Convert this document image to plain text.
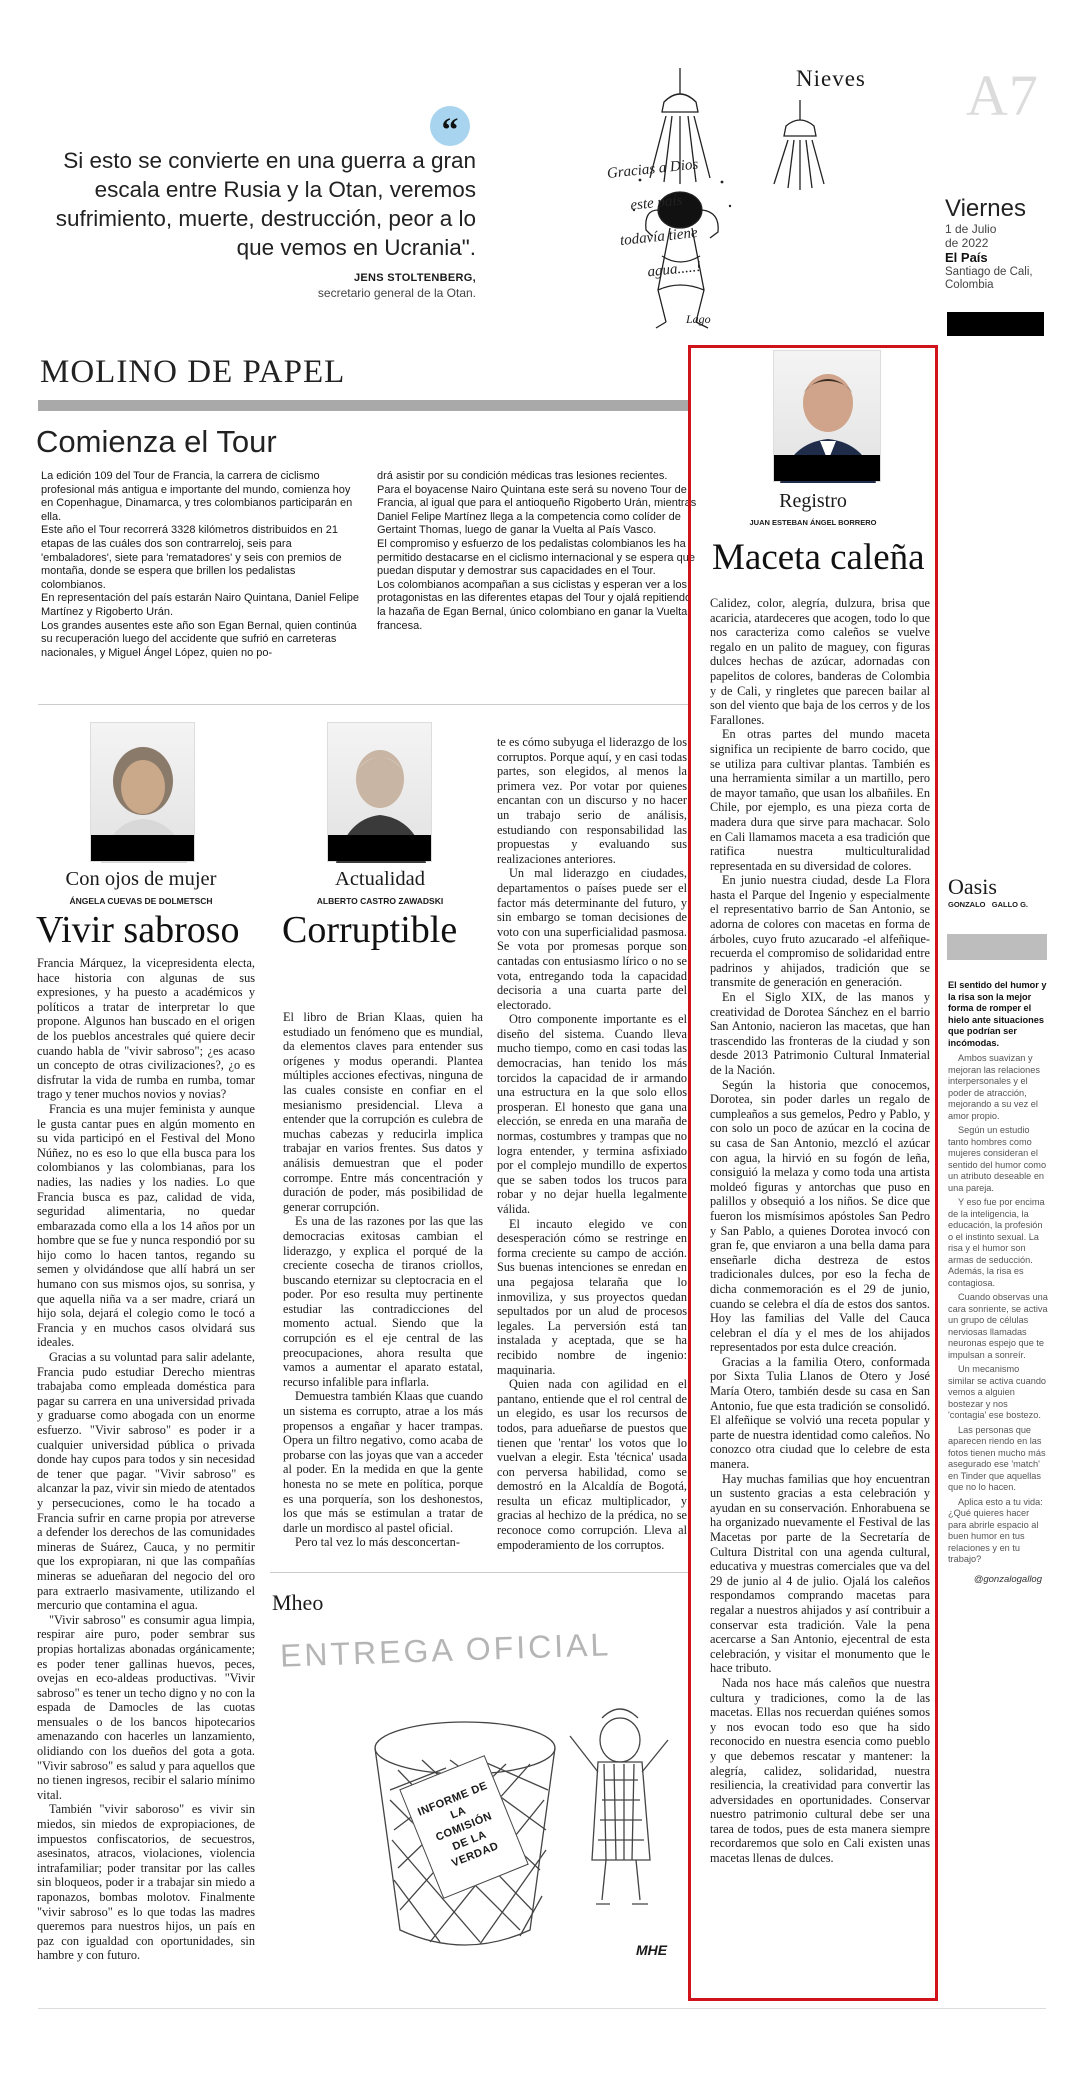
“

Si esto se convierte en una guerra a gran escala entre Rusia y la Otan, veremos sufrimiento, muerte, destrucción, peor a lo que vemos en Ucrania".

JENS STOLTENBERG,

secretario general de la Otan.

Nieves
Gracias a Dios
este país
todavía tiene
agua.....!
Lago
A7
Viernes
1 de Julio
de 2022
El País
Santiago de Cali,
Colombia
MOLINO DE PAPEL
Comienza el Tour

La edición 109 del Tour de Francia, la carrera de ciclismo profesional más antigua e importante del mundo, comienza hoy en Copenhague, Dinamarca, y tres colombianos participarán en ella.

Este año el Tour recorrerá 3328 kilómetros distribuidos en 21 etapas de las cuáles dos son contrarreloj, seis para 'embaladores', siete para 'rematadores' y seis con premios de montaña, donde se espera que brillen los pedalistas colombianos.

En representación del país estarán Nairo Quintana, Daniel Felipe Martínez y Rigoberto Urán.

Los grandes ausentes este año son Egan Bernal, quien continúa su recuperación luego del accidente que sufrió en carreteras nacionales, y Miguel Ángel López, quien no po-

drá asistir por su condición médicas tras lesiones recientes.

Para el boyacense Nairo Quintana este será su noveno Tour de Francia, al igual que para el antioqueño Rigoberto Urán, mientras Daniel Felipe Martínez llega a la competencia como colíder de Gertaint Thomas, luego de ganar la Vuelta al País Vasco.

El compromiso y esfuerzo de los pedalistas colombianos les ha permitido destacarse en el ciclismo internacional y se espera que puedan disputar y demostrar sus capacidades en el Tour.

Los colombianos acompañan a sus ciclistas y esperan ver a los protagonistas en las diferentes etapas del Tour y ojalá repitiendo la hazaña de Egan Bernal, único colombiano en ganar la Vuelta francesa.

Con ojos de mujer
ÁNGELA CUEVAS DE DOLMETSCH
Vivir sabroso

Francia Márquez, la vicepresidenta electa, hace historia con algunas de sus expresiones, y ha puesto a académicos y políticos a tratar de interpretar lo que propone. Algunos han buscado en el origen de los pueblos ancestrales qué quiere decir cuando habla de "vivir sabroso"; ¿es acaso un concepto de otras civilizaciones?, ¿o es disfrutar la vida de rumba en rumba, tomar trago y tener muchos novios y novias?

Francia es una mujer feminista y aunque le gusta cantar pues en algún momento en su vida participó en el Festival del Mono Núñez, no es eso lo que ella busca para los colombianos y las colombianas, para los nadies, las nadies y los nadies. Lo que Francia busca es paz, calidad de vida, seguridad alimentaria, no quedar embarazada como ella a los 14 años por un hombre que se fue y nunca respondió por su hijo como lo hacen tantos, regando su semen y olvidándose que allí habrá un ser humano con sus mismos ojos, su sonrisa, y que aquella niña va a ser madre, criará un hijo sola, dejará el colegio como le tocó a Francia y en muchos casos olvidará sus ideales.

Gracias a su voluntad para salir adelante, Francia pudo estudiar Derecho mientras trabajaba como empleada doméstica para pagar su carrera en una universidad privada y graduarse como abogada con un enorme esfuerzo. "Vivir sabroso" es poder ir a cualquier universidad pública o privada donde hay cupos para todos y sin necesidad de tener que pagar. "Vivir sabroso" es alcanzar la paz, vivir sin miedo de atentados y persecuciones, como le ha tocado a Francia sufrir en carne propia por atreverse a defender los derechos de las comunidades mineras de Suárez, Cauca, y no permitir que los expropiaran, ni que las compañías mineras se adueñaran del negocio del oro para extraerlo masivamente, utilizando el mercurio que contamina el agua.

"Vivir sabroso" es consumir agua limpia, respirar aire puro, poder sembrar sus propias hortalizas abonadas orgánicamente; es poder tener gallinas huevos, peces, ovejas en eco-aldeas productivas. "Vivir sabroso" es tener un techo digno y no con la espada de Damocles de las cuotas mensuales o de los bancos hipotecarios amenazando con hacerles un lanzamiento, olidiando con los dueños del gota a gota. "Vivir sabroso" es salud y para aquellos que no tienen ingresos, recibir el salario mínimo vital.

También "vivir saboroso" es vivir sin miedos, sin miedos de expropiaciones, de impuestos confiscatorios, de secuestros, asesinatos, atracos, violaciones, violencia intrafamiliar; poder transitar por las calles sin bloqueos, poder ir a trabajar sin miedo a raponazos, bombas molotov. Finalmente "vivir sabroso" es lo que todas las madres queremos para nuestros hijos, un país en paz con igualdad con oportunidades, sin hambre y con futuro.

Actualidad
ALBERTO CASTRO ZAWADSKI
Corruptible

El libro de Brian Klaas, quien ha estudiado un fenómeno que es mundial, da elementos claves para entender sus orígenes y modus operandi. Plantea múltiples acciones efectivas, ninguna de las cuales consiste en confiar en el mesianismo presidencial. Lleva a entender que la corrupción es culebra de muchas cabezas y reducirla implica trabajar en varios frentes. Sus datos y análisis demuestran que el poder corrompe. Entre más concentración y duración de poder, más posibilidad de generar corrupción.

Es una de las razones por las que las democracias exitosas cambian el liderazgo, y explica el porqué de la creciente cosecha de tiranos criollos, buscando eternizar su cleptocracia en el poder. Por eso resulta muy pertinente estudiar las contradicciones del momento actual. Siendo que la corrupción es el eje central de las preocupaciones, ahora resulta que vamos a aumentar el aparato estatal, recurso infalible para inflarla.

Demuestra también Klaas que cuando un sistema es corrupto, atrae a los más propensos a engañar y hacer trampas. Opera un filtro negativo, como acaba de probarse con las joyas que van a acceder al poder. En la medida en que la gente honesta no se mete en política, porque es una porquería, son los deshonestos, los que más se estimulan a tratar de darle un mordisco al pastel oficial.

Pero tal vez lo más desconcertan-

te es cómo subyuga el liderazgo de los corruptos. Porque aquí, y en casi todas partes, son elegidos, al menos la primera vez. Por votar por quienes encantan con un discurso y no hacer un trabajo serio de análisis, estudiando con responsabilidad las propuestas y evaluando sus realizaciones anteriores.

Un mal liderazgo en ciudades, departamentos o países puede ser el factor más determinante del futuro, y sin embargo se toman decisiones de voto con una superficialidad pasmosa. Se vota por promesas porque son cantadas con entusiasmo lírico o no se vota, entregando toda la capacidad decisoria a una cuarta parte del electorado.

Otro componente importante es el diseño del sistema. Cuando lleva mucho tiempo, como en casi todas las democracias, han tenido los más torcidos la capacidad de ir armando una estructura en la que solo ellos prosperan. El honesto que gana una elección, se enreda en una maraña de normas, costumbres y trampas que no logra entender, y termina asfixiado por el complejo mundillo de expertos que se saben todos los trucos para robar y no dejar huella legalmente válida.

El incauto elegido ve con desesperación cómo se restringe en forma creciente su campo de acción. Sus buenas intenciones se enredan en una pegajosa telaraña que lo inmoviliza, y sus proyectos quedan sepultados por un alud de procesos legales. La perversión está tan instalada y aceptada, que se ha recibido nombre de ingenio: maquinaria.

Quien nada con agilidad en el pantano, entiende que el rol central de un elegido, es usar los recursos de todos, para adueñarse de puestos que tienen que 'rentar' los votos que lo vuelvan a elegir. Esta 'técnica' usada con perversa habilidad, como se demostró en la Alcaldía de Bogotá, resulta un eficaz multiplicador, y gracias al hechizo de la prédica, no se reconoce como corrupción. Lleva al empoderamiento de los corruptos.

Mheo
ENTREGA OFICIAL
INFORME DE LA COMISIÓN DE LA VERDAD
MHE
Registro
JUAN ESTEBAN ÁNGEL BORRERO
Maceta caleña

Calidez, color, alegría, dulzura, brisa que acaricia, atardeceres que acogen, todo lo que nos caracteriza como caleños se vuelve regalo en un palito de maguey, con figuras dulces hechas de azúcar, adornadas con papelitos de colores, banderas de Colombia y de Cali, y ringletes que parecen bailar al son del viento que baja de los cerros y de los Farallones.

En otras partes del mundo maceta significa un recipiente de barro cocido, que se utiliza para cultivar plantas. También es una herramienta similar a un martillo, pero de mayor tamaño, que usan los albañiles. En Chile, por ejemplo, es una pieza corta de madera dura que sirve para machacar. Solo en Cali llamamos maceta a esa tradición que ratifica nuestra multiculturalidad representada en su diversidad de colores.

En junio nuestra ciudad, desde La Flora hasta el Parque del Ingenio y especialmente el representativo barrio de San Antonio, se adorna de colores con macetas en forma de árboles, cuyo fruto azucarado -el alfeñique- recuerda el compromiso de solidaridad entre padrinos y ahijados, tradición que se transmite de generación en generación.

En el Siglo XIX, de las manos y creatividad de Dorotea Sánchez en el barrio San Antonio, nacieron las macetas, que han trascendido las fronteras de la ciudad y son desde 2013 Patrimonio Cultural Inmaterial de la Nación.

Según la historia que conocemos, Dorotea, sin poder darles un regalo de cumpleaños a sus gemelos, Pedro y Pablo, y con solo un poco de azúcar en la cocina de su casa de San Antonio, mezcló el azúcar con agua, la hirvió en su fogón de leña, consiguió la melaza y como toda una artista moldeó figuras y antorchas que puso en palillos y obsequió a los niños. Se dice que fueron los mismísimos apóstoles San Pedro y San Pablo, a quienes Dorotea invocó con gran fe, que enviaron a una bella dama para enseñarle dicha destreza de estos tradicionales dulces, por eso la fecha de dicha conmemoración es el 29 de junio, cuando se celebra el día de estos dos santos. Hoy las familias del Valle del Cauca celebran el día y el mes de los ahijados representados por esta dulce creación.

Gracias a la familia Otero, conformada por Sixta Tulia Llanos de Otero y José María Otero, también desde su casa en San Antonio, fue que esta tradición se consolidó. El alfeñique se volvió una receta popular y parte de nuestra identidad como caleños. No conozco otra ciudad que lo celebre de esta manera.

Hay muchas familias que hoy encuentran un sustento gracias a esta celebración y ayudan en su conservación. Enhorabuena se ha organizado nuevamente el Festival de las Macetas por parte de la Secretaría de Cultura Distrital con una agenda cultural, educativa y muestras comerciales que va del 29 de junio al 4 de julio. Ojalá los caleños respondamos comprando macetas para regalar a nuestros ahijados y así contribuir a conservar esta tradición. Vale la pena acercarse a San Antonio, ejecentral de esta celebración, y visitar el monumento que le hace tributo.

Nada nos hace más caleños que nuestra cultura y tradiciones, como la de las macetas. Ellas nos recuerdan quiénes somos y nos evocan todo eso que ha sido reconocido en nuestra esencia como pueblo y que debemos rescatar y mantener: la alegría, calidez, solidaridad, nuestra resiliencia, la creatividad para convertir las adversidades en oportunidades. Conservar nuestro patrimonio cultural debe ser una tarea de todos, pues de esta manera siempre recordaremos que solo en Cali existen unas macetas llenas de dulces.

Oasis
GONZALO   GALLO G.

El sentido del humor y la risa son la mejor forma de romper el hielo ante situaciones que podrían ser incómodas.

Ambos suavizan y mejoran las relaciones interpersonales y el poder de atracción, mejorando a su vez el amor propio.

Según un estudio tanto hombres como mujeres consideran el sentido del humor como un atributo deseable en una pareja.

Y eso fue por encima de la inteligencia, la educación, la profesión o el instinto sexual. La risa y el humor son armas de seducción. Además, la risa es contagiosa.

Cuando observas una cara sonriente, se activa un grupo de células nerviosas llamadas neuronas espejo que te impulsan a sonreír.

Un mecanismo similar se activa cuando vemos a alguien bostezar y nos 'contagia' ese bostezo.

Las personas que aparecen riendo en las fotos tienen mucho más asegurado ese 'match' en Tinder que aquellas que no lo hacen.

Aplica esto a tu vida: ¿Qué quieres hacer para abrirle espacio al buen humor en tus relaciones y en tu trabajo?

@gonzalogallog
